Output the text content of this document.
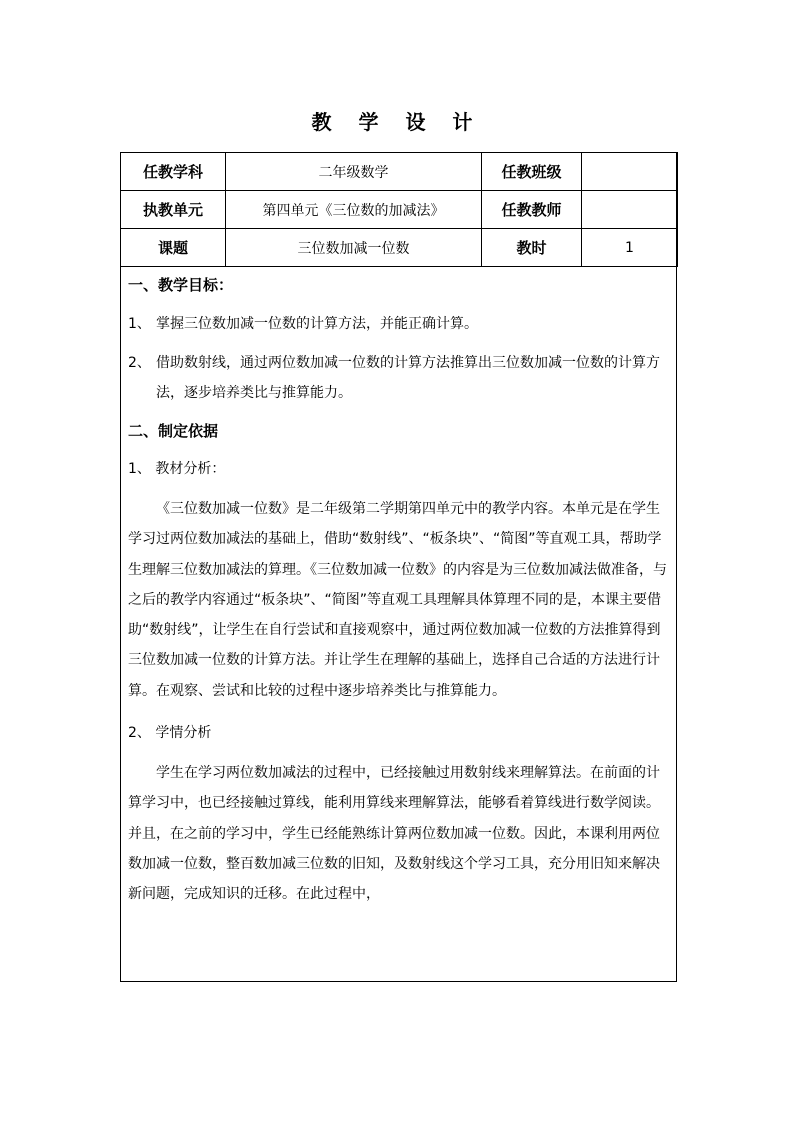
教 学 设 计
任教学科	二年级数学	任教班级	
执教单元	第四单元《三位数的加减法》	任教教师	
课题	三位数加减一位数	教时	1
一、教学目标：
1、 掌握三位数加减一位数的计算方法，并能正确计算。
2、 借助数射线，通过两位数加减一位数的计算方法推算出三位数加减一位数的计算方法，逐步培养类比与推算能力。
二、制定依据
1、 教材分析：
《三位数加减一位数》是二年级第二学期第四单元中的教学内容。本单元是在学生学习过两位数加减法的基础上，借助“数射线”、“板条块”、“简图”等直观工具，帮助学生理解三位数加减法的算理。《三位数加减一位数》的内容是为三位数加减法做准备，与之后的教学内容通过“板条块”、“简图”等直观工具理解具体算理不同的是，本课主要借助“数射线”，让学生在自行尝试和直接观察中，通过两位数加减一位数的方法推算得到三位数加减一位数的计算方法。并让学生在理解的基础上，选择自己合适的方法进行计算。在观察、尝试和比较的过程中逐步培养类比与推算能力。
2、 学情分析
学生在学习两位数加减法的过程中，已经接触过用数射线来理解算法。在前面的计算学习中，也已经接触过算线，能利用算线来理解算法，能够看着算线进行数学阅读。并且，在之前的学习中，学生已经能熟练计算两位数加减一位数。因此，本课利用两位数加减一位数，整百数加减三位数的旧知，及数射线这个学习工具，充分用旧知来解决新问题，完成知识的迁移。在此过程中，
